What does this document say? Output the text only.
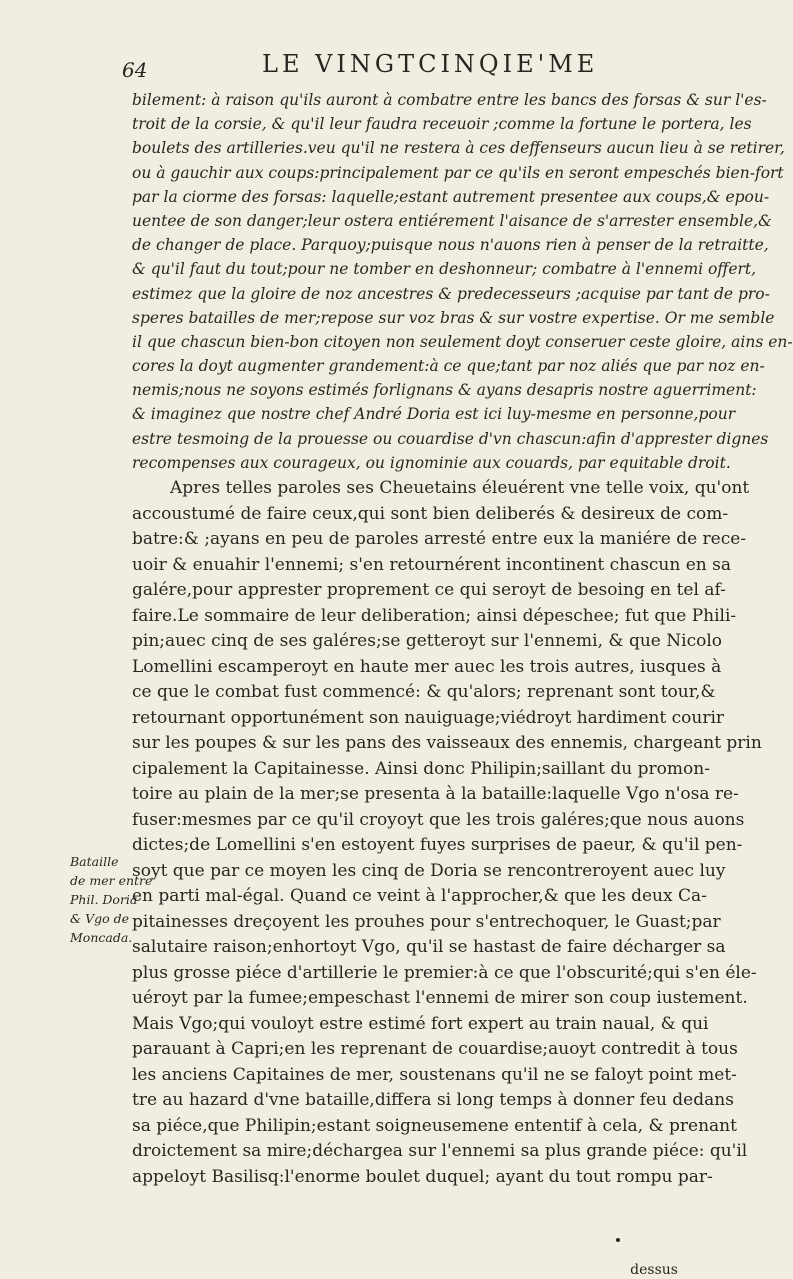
64	LE VINGTCINQIE'ME
bilement: à raison qu'ils auront à combatre entre les bancs des forsas & sur l'es-
troit de la corsie, & qu'il leur faudra receuoir ;comme la fortune le portera, les
boulets des artilleries.veu qu'il ne restera à ces deffenseurs aucun lieu à se retirer,
ou à gauchir aux coups:principalement par ce qu'ils en seront empeschés bien-fort
par la ciorme des forsas: laquelle;estant autrement presentee aux coups,& epou-
uentee de son danger;leur ostera entiérement l'aisance de s'arrester ensemble,&
de changer de place. Parquoy;puisque nous n'auons rien à penser de la retraitte,
& qu'il faut du tout;pour ne tomber en deshonneur; combatre à l'ennemi offert,
estimez que la gloire de noz ancestres & predecesseurs ;acquise par tant de pro-
speres batailles de mer;repose sur voz bras & sur vostre expertise. Or me semble
il que chascun bien-bon citoyen non seulement doyt conseruer ceste gloire, ains en-
cores la doyt augmenter grandement:à ce que;tant par noz aliés que par noz en-
nemis;nous ne soyons estimés forlignans & ayans desapris nostre aguerriment:
& imaginez que nostre chef André Doria est ici luy-mesme en personne,pour
estre tesmoing de la prouesse ou couardise d'vn chascun:afin d'apprester dignes
recompenses aux courageux, ou ignominie aux couards, par equitable droit.
Apres telles paroles ses Cheuetains éleuérent vne telle voix, qu'ont
accoustumé de faire ceux,qui sont bien deliberés & desireux de com-
batre:& ;ayans en peu de paroles arresté entre eux la maniére de rece-
uoir & enuahir l'ennemi; s'en retournérent incontinent chascun en sa
galére,pour apprester proprement ce qui seroyt de besoing en tel af-
faire.Le sommaire de leur deliberation; ainsi dépeschee; fut que Phili-
pin;auec cinq de ses galéres;se getteroyt sur l'ennemi, & que Nicolo
Lomellini escamperoyt en haute mer auec les trois autres, iusques à
ce que le combat fust commencé: & qu'alors; reprenant sont tour,&
retournant opportunément son nauiguage;viédroyt hardiment courir
sur les poupes & sur les pans des vaisseaux des ennemis, chargeant prin
cipalement la Capitainesse. Ainsi donc Philipin;saillant du promon-
toire au plain de la mer;se presenta à la bataille:laquelle Vgo n'osa re-
fuser:mesmes par ce qu'il croyoyt que les trois galéres;que nous auons
dictes;de Lomellini s'en estoyent fuyes surprises de paeur, & qu'il pen-
soyt que par ce moyen les cinq de Doria se rencontreroyent auec luy
en parti mal-égal. Quand ce veint à l'approcher,& que les deux Ca-
pitainesses dreçoyent les prouhes pour s'entrechoquer, le Guast;par
salutaire raison;enhortoyt Vgo, qu'il se hastast de faire décharger sa
plus grosse piéce d'artillerie le premier:à ce que l'obscurité;qui s'en éle-
uéroyt par la fumee;empeschast l'ennemi de mirer son coup iustement.
Mais Vgo;qui vouloyt estre estimé fort expert au train naual, & qui
parauant à Capri;en les reprenant de couardise;auoyt contredit à tous
les anciens Capitaines de mer, soustenans qu'il ne se faloyt point met-
tre au hazard d'vne bataille,differa si long temps à donner feu dedans
sa piéce,que Philipin;estant soigneusemene ententif à cela, & prenant
droictement sa mire;déchargea sur l'ennemi sa plus grande piéce: qu'il
appeloyt Basilisq:l'enorme boulet duquel; ayant du tout rompu par-
Bataille
de mer entre
Phil. Doria
& Vgo de
Moncada.
dessus
